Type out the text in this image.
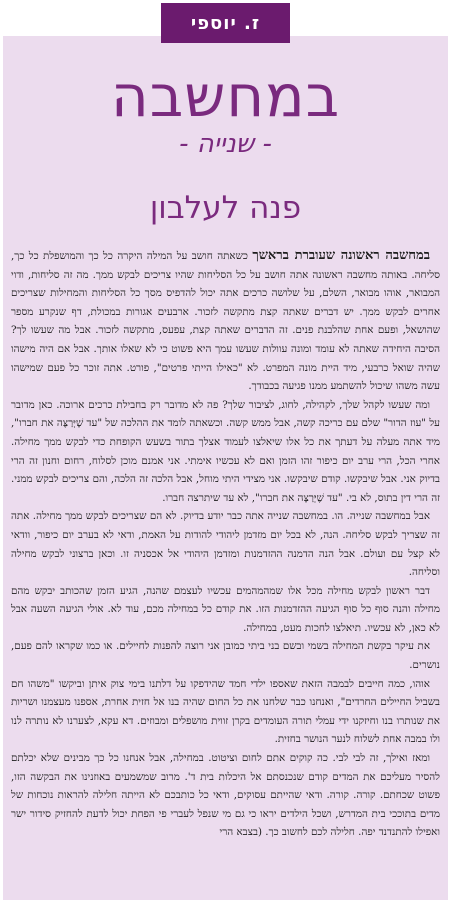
ז. יוספי
במחשבה
- שנייה -
פנה לעלבון

במחשבה ראשונה שעוברת בראשך כשאתה חושב על המילה היקרה כל כך והמושפלת כל כך, סליחה. באותה מחשבה ראשונה אתה חושב על כל הסליחות שהיו צריכים לבקש ממך. מה זה סליחות, ודוי המבואר, אוהו מבואר, השלם, על שלושה כרכים אתה יכול להדפיס מסך כל הסליחות והמחילות שצריכים אחרים לבקש ממך. יש דברים שאתה קצת מתקשה לזכור. ארבעים אגורות במכולת, דף שנקרע מספר שהושאל, ופעם אחת שהלבנת פנים. זה הדברים שאתה קצת, עפעס, מתקשה לזכור. אבל מה שעשו לך? הסיבה היחידה שאתה לא עומד ומונה עוולות שעשו עמך היא פשוט כי לא שאלו אותך. אבל אם היה מישהו שהיה שואל כרבעי, מיד היית מונה המפרט. לא "כאילו הייתי פרטים", פורט. אתה זוכר כל פעם שמישהו עשה משהו שיכול להשתמע ממנו פגיעה בכבודך.

ומה שעשו לקהל שלך, לקהילה, לחוג, לציבור שלך? פה לא מדובר רק בחבילת כרכים ארוכה. כאן מדובר על "עוז הדור" שלם עם כריכה קשה, אבל ממש קשה. וכשאתה לומד את ההלכה של "עד שֶׁיְּרַצֶּה את חברו", מיד אתה מעלה על דעתך את כל אלו שיאלצו לעמוד אצלך בתור בשעש הקופחת כדי לבקש ממך מחילה. אחרי הכל, הרי ערב יום כיפור זהו הזמן ואם לא עכשיו אימתי. אני אמנם מוכן לסלוח, רחום וחנון זה הרי בדיוק אני. אבל שיבקשו. קודם שיבקשו. אני מצידי היתי מוחל, אבל הלכה זה הלכה, והם צריכים לבקש ממני. זה הרי דין בתוס, לא בי. "עד שֶׁיְּרַצֶּה את חברו", לא עד שיתרצה חברו.

אבל במחשבה שנייה. הו. במחשבה שנייה אתה כבר יודע בדיוק. לא הם שצריכים לבקש ממך מחילה. אתה זה שצריך לבקש סליחה. הנה, לא בכל יום מזדמן ליהודי להודות על האמת, ודאי לא בערב יום כיפור, וודאי לא קצל עם ועולם. אבל הנה הדמנה ההזדמנות ומזדמן היהודי אל אכסניה זו. וכאן ברצוני לבקש מחילה וסליחה.

דבר ראשון לבקש מחילה מכל אלו שמהמהמים עכשיו לעצמם שהנה, הגיע הזמן שהכותב יבקש מהם מחילה והנה סוף כל סוף הגיעה ההזדמנות הזו. את קודם כל במחילה מכם, עוד לא. אולי הגיעה השעה אבל לא כאן, לא עכשיו. תיאלצו לחכות מעט, במחילה.

את עיקר בקשת המחילה בשמי ובשם בני ביתי כמובן אני רוצה להפנות לחיילים. או כמו שקראו להם פעם, נושרים.

אוהו, כמה חייבים לבמבה הזאת שאספו ילדי חמד שהידפקו על דלתנו בימי צוק איתן וביקשו "משהו חם בשביל החיילים החרדים", ואנחנו כבר שלחנו את כל החום שהיה בנו אל חזית אחרת, אספנו מעצמנו ושריות את שנותרו בנו וחיזקנו ידי עמלי תורה העומדים בקרן זווית מושפלים ומבוזים. דא עקא, לצערנו לא נותרה לנו ולו במבה אחת לשלוח לנער הנושר בחזית.

ומאז ואילך, זה לבי לבי. כה קוקים אתם לחום וציטוט. במחילה, אבל אנחנו כל כך מבינים שלא יכלתם להסיר מעליכם את המדים קודם שנכנסתם אל היכלות בית ד'. מרוב שמשמעים באוזנינו את הבקשה הזו, פשוט שכחתם. קורה. קורה. ודאי שהייתם עסוקים, ודאי כל כותבכם לא הייתה חלילה להראות נוכחות של מדים בתוככי בית המדרש, ושכל הילדים יראו כי גם מי שנפל לעברי פי הפחת יכול לדעת להחזיק סידור ישר ואפילו להתנדנד יפה. חלילה לכם לחשוב כך. (בצבא הרי
